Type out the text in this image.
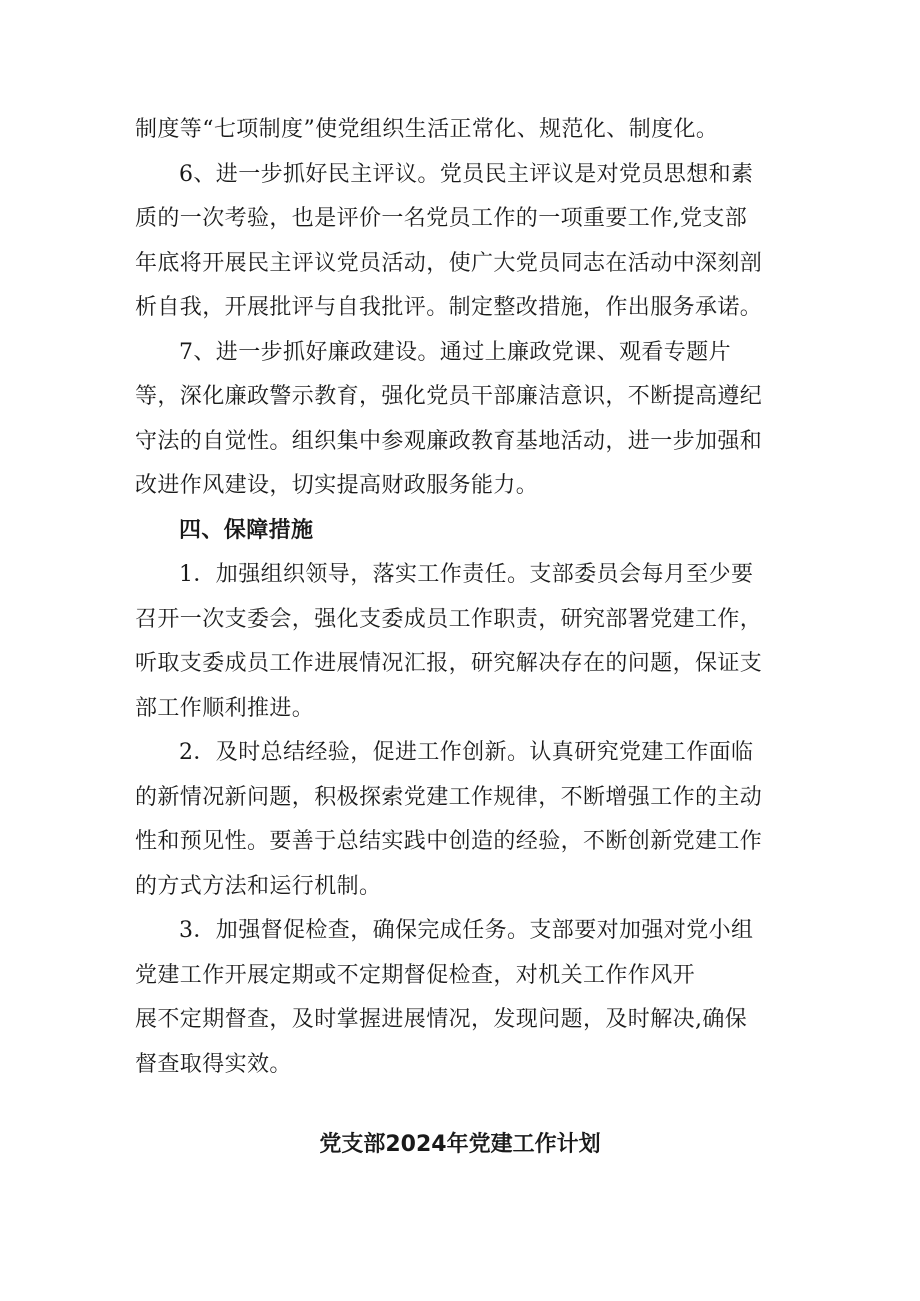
制度等“七项制度”使党组织生活正常化、规范化、制度化。
6、进一步抓好民主评议。党员民主评议是对党员思想和素
质的一次考验，也是评价一名党员工作的一项重要工作,党支部
年底将开展民主评议党员活动，使广大党员同志在活动中深刻剖
析自我，开展批评与自我批评。制定整改措施，作出服务承诺。
7、进一步抓好廉政建设。通过上廉政党课、观看专题片
等，深化廉政警示教育，强化党员干部廉洁意识，不断提高遵纪
守法的自觉性。组织集中参观廉政教育基地活动，进一步加强和
改进作风建设，切实提高财政服务能力。
四、保障措施
1．加强组织领导，落实工作责任。支部委员会每月至少要
召开一次支委会，强化支委成员工作职责，研究部署党建工作，
听取支委成员工作进展情况汇报，研究解决存在的问题，保证支
部工作顺利推进。
2．及时总结经验，促进工作创新。认真研究党建工作面临
的新情况新问题，积极探索党建工作规律，不断增强工作的主动
性和预见性。要善于总结实践中创造的经验，不断创新党建工作
的方式方法和运行机制。
3．加强督促检查，确保完成任务。支部要对加强对党小组
党建工作开展定期或不定期督促检查，对机关工作作风开
展不定期督查，及时掌握进展情况，发现问题，及时解决,确保
督查取得实效。
党支部2024年党建工作计划
